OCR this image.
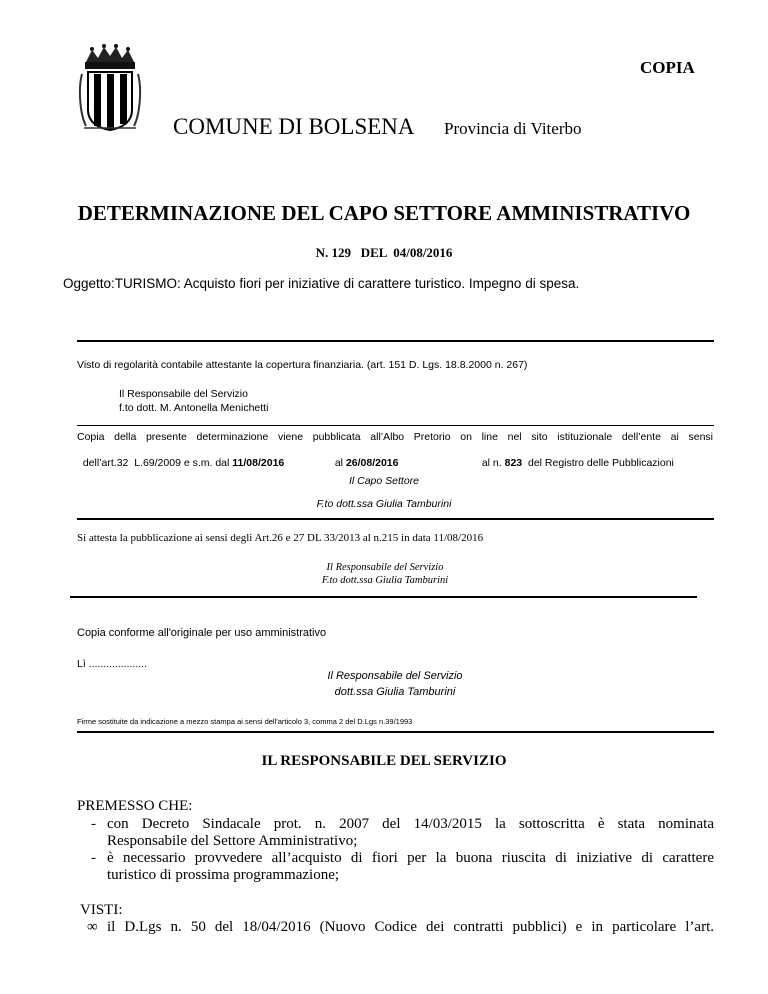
COPIA
COMUNE DI BOLSENA Provincia di Viterbo
DETERMINAZIONE DEL CAPO SETTORE AMMINISTRATIVO
N. 129   DEL  04/08/2016
Oggetto:TURISMO: Acquisto fiori per iniziative di carattere turistico. Impegno di spesa.
Visto di regolarità contabile attestante la copertura finanziaria. (art. 151 D. Lgs. 18.8.2000 n. 267)
Il Responsabile del Servizio
f.to dott. M. Antonella Menichetti
Copia della presente determinazione viene pubblicata all’Albo Pretorio on line nel sito istituzionale dell’ente ai sensi

dell’art.32  L.69/2009 e s.m. dal 11/08/2016	al 26/08/2016	al n. 823  del Registro delle Pubblicazioni

Il Capo Settore
F.to dott.ssa Giulia Tamburini
Si attesta la pubblicazione ai sensi degli Art.26 e 27 DL 33/2013 al n.215 in data 11/08/2016
Il Responsabile del Servizio
F.to dott.ssa Giulia Tamburini
Copia conforme all'originale per uso amministrativo
Lì ....................
Il Responsabile del Servizio
dott.ssa Giulia Tamburini
Firme sostituite da indicazione a mezzo stampa ai sensi dell'articolo 3, comma 2 del D.Lgs n.39/1993
IL RESPONSABILE DEL SERVIZIO
PREMESSO CHE:
- con Decreto Sindacale prot. n. 2007 del 14/03/2015 la sottoscritta è stata nominata
Responsabile del Settore Amministrativo;
- è necessario provvedere all’acquisto di fiori per la buona riuscita di iniziative di carattere
turistico di prossima programmazione;
VISTI:
∞ il D.Lgs n. 50 del 18/04/2016 (Nuovo Codice dei contratti pubblici) e in particolare l’art.
